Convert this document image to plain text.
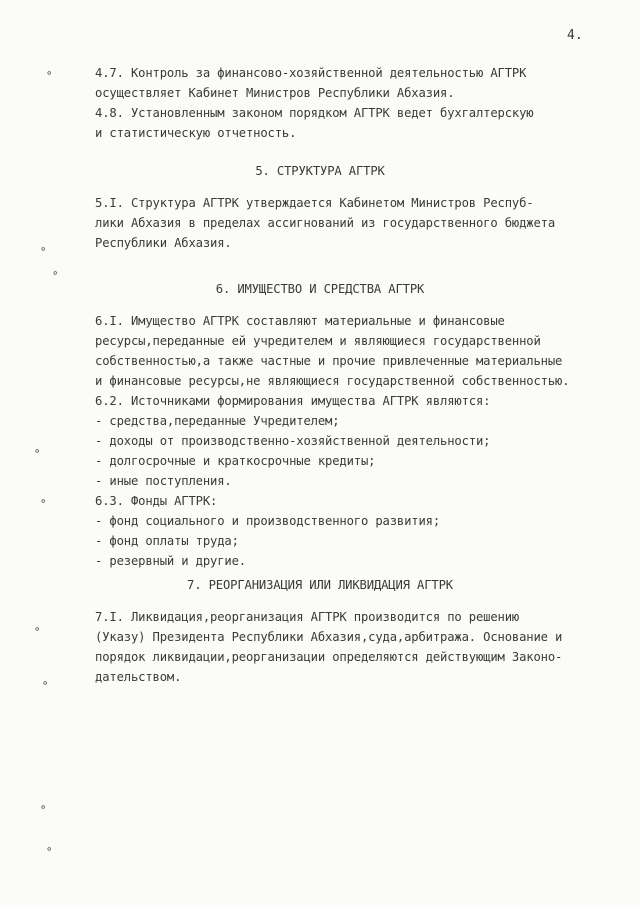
4.
4.7. Контроль за финансово-хозяйственной деятельностью АГТРК
осуществляет Кабинет Министров Республики Абхазия.
4.8. Установленным законом порядком АГТРК ведет бухгалтерскую
и статистическую отчетность.
5. СТРУКТУРА АГТРК
5.I. Структура АГТРК утверждается Кабинетом Министров Респуб-
лики Абхазия в пределах ассигнований из государственного бюджета
Республики Абхазия.
6. ИМУЩЕСТВО И СРЕДСТВА АГТРК
6.I. Имущество АГТРК составляют материальные и финансовые
ресурсы,переданные ей учредителем и являющиеся государственной
собственностью,а также частные и прочие привлеченные материальные
и финансовые ресурсы,не являющиеся государственной собственностью.
6.2. Источниками формирования имущества АГТРК являются:
- средства,переданные Учредителем;
- доходы от производственно-хозяйственной деятельности;
- долгосрочные и краткосрочные кредиты;
- иные поступления.
6.3. Фонды АГТРК:
- фонд социального и производственного развития;
- фонд оплаты труда;
- резервный и другие.
7. РЕОРГАНИЗАЦИЯ ИЛИ ЛИКВИДАЦИЯ АГТРК
7.I. Ликвидация,реорганизация АГТРК производится по решению
(Указу) Президента Республики Абхазия,суда,арбитража. Основание и
порядок ликвидации,реорганизации определяются действующим Законо-
дательством.
∘
∘
∘
∘
∘
∘
∘
∘
∘
